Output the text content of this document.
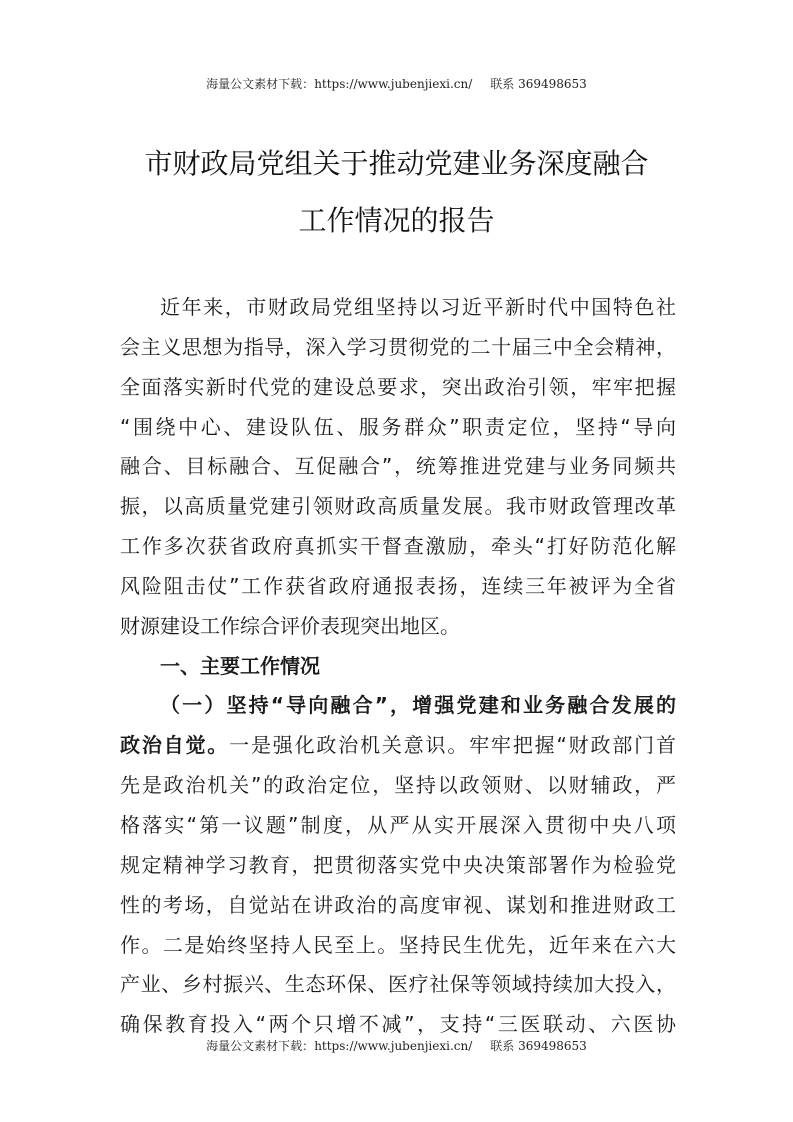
海量公文素材下载：https://www.jubenjiexi.cn/ 联系 369498653
市财政局党组关于推动党建业务深度融合
工作情况的报告
近年来，市财政局党组坚持以习近平新时代中国特色社
会主义思想为指导，深入学习贯彻党的二十届三中全会精神，
全面落实新时代党的建设总要求，突出政治引领，牢牢把握
“围绕中心、建设队伍、服务群众”职责定位，坚持“导向
融合、目标融合、互促融合”，统筹推进党建与业务同频共
振，以高质量党建引领财政高质量发展。我市财政管理改革
工作多次获省政府真抓实干督查激励，牵头“打好防范化解
风险阻击仗”工作获省政府通报表扬，连续三年被评为全省
财源建设工作综合评价表现突出地区。
一、主要工作情况
（一）坚持“导向融合”，增强党建和业务融合发展的
政治自觉。一是强化政治机关意识。牢牢把握“财政部门首
先是政治机关”的政治定位，坚持以政领财、以财辅政，严
格落实“第一议题”制度，从严从实开展深入贯彻中央八项
规定精神学习教育，把贯彻落实党中央决策部署作为检验党
性的考场，自觉站在讲政治的高度审视、谋划和推进财政工
作。二是始终坚持人民至上。坚持民生优先，近年来在六大
产业、乡村振兴、生态环保、医疗社保等领域持续加大投入，
确保教育投入“两个只增不减”，支持“三医联动、六医协
海量公文素材下载：https://www.jubenjiexi.cn/ 联系 369498653
